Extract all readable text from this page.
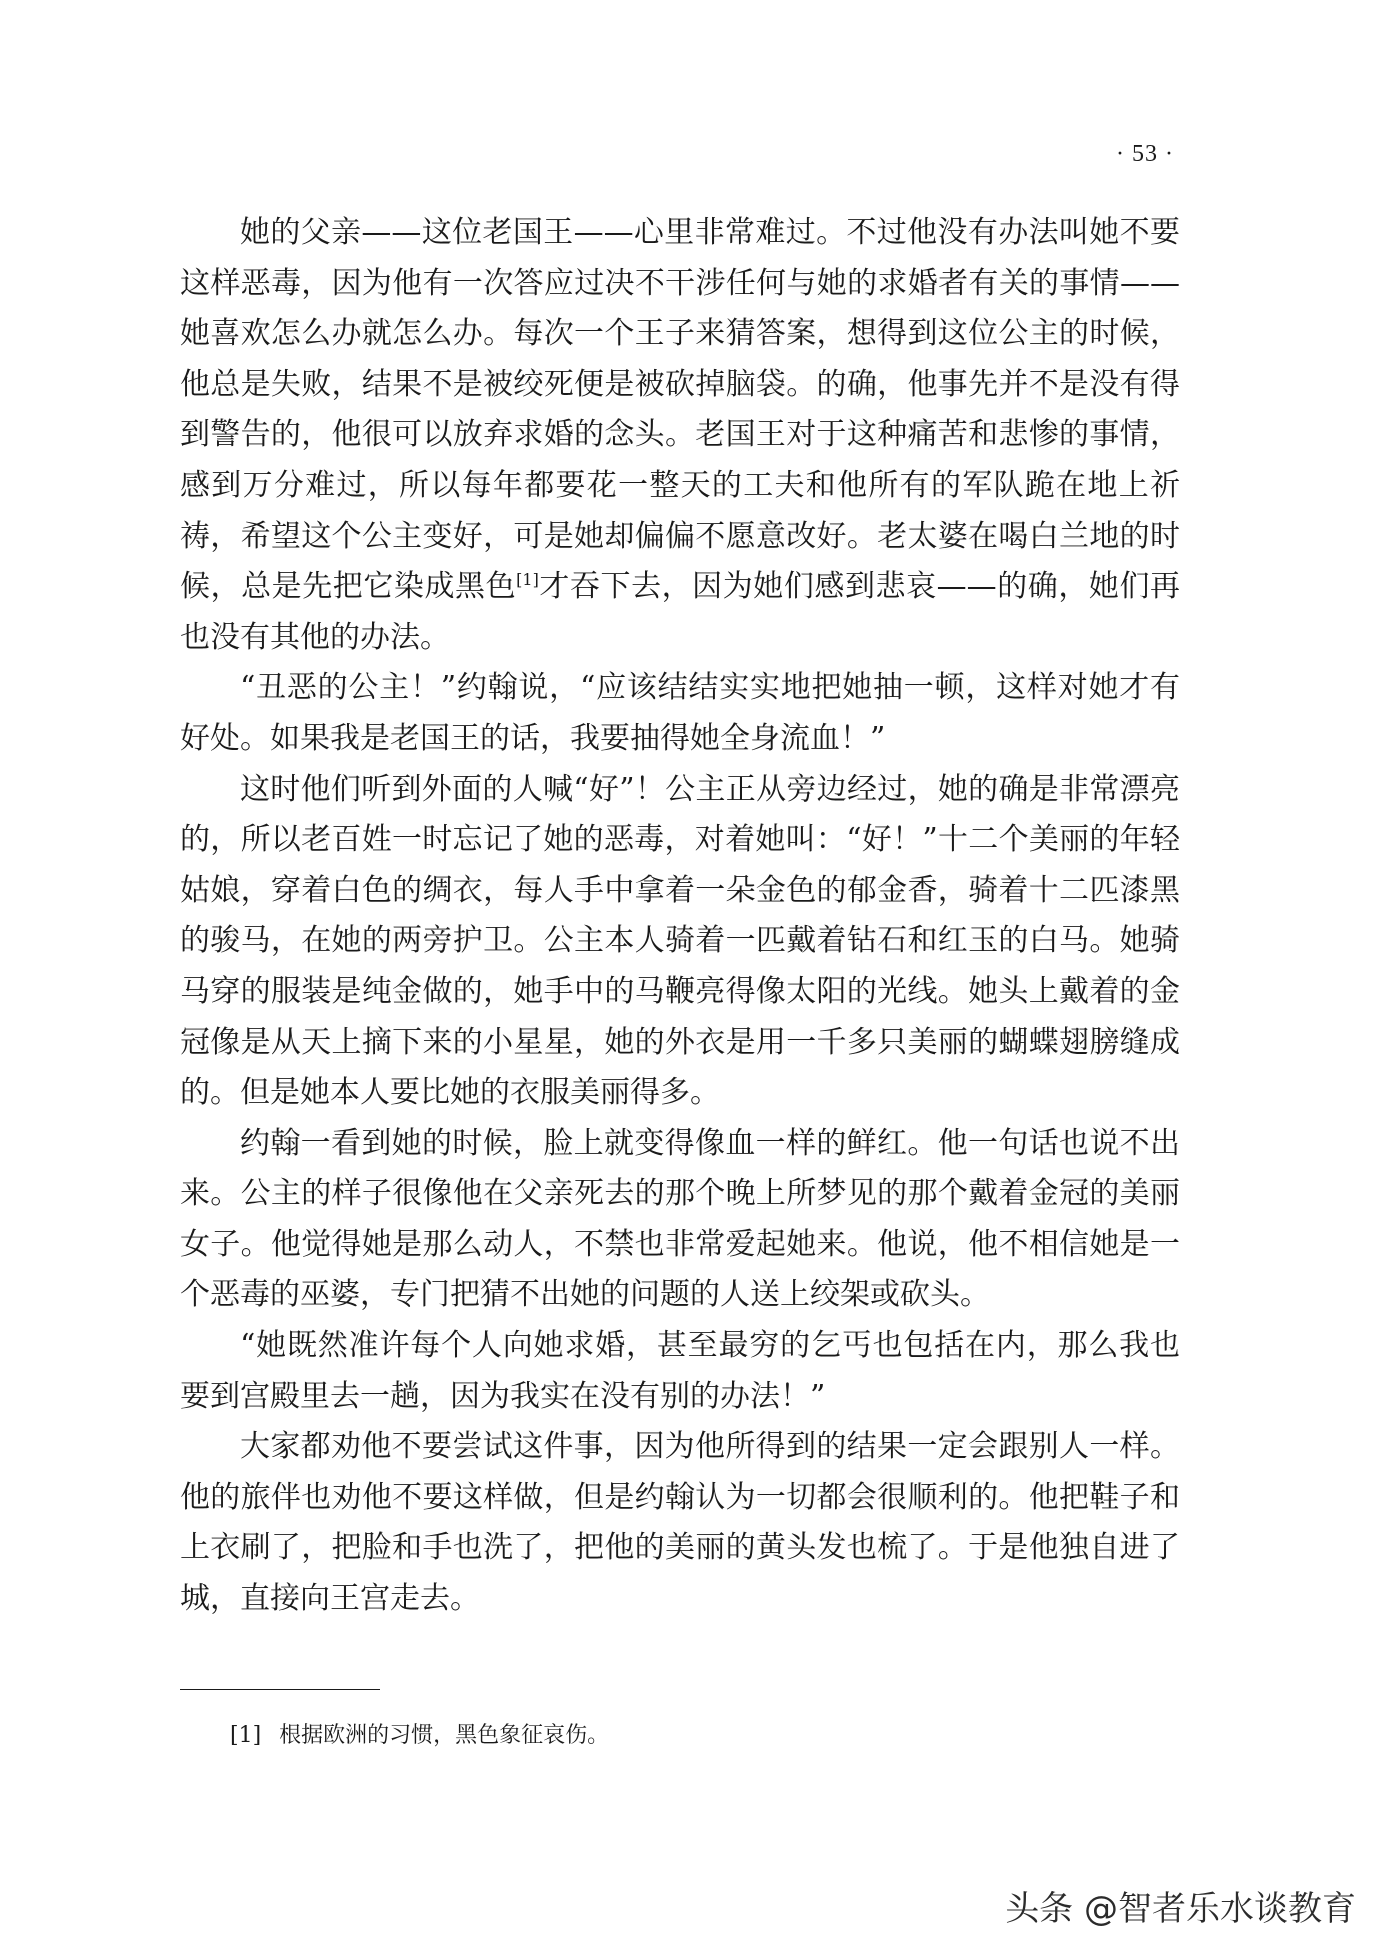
· 53 ·

她的父亲——这位老国王——心里非常难过。不过他没有办法叫她不要这样恶毒，因为他有一次答应过决不干涉任何与她的求婚者有关的事情——她喜欢怎么办就怎么办。每次一个王子来猜答案，想得到这位公主的时候，他总是失败，结果不是被绞死便是被砍掉脑袋。的确，他事先并不是没有得到警告的，他很可以放弃求婚的念头。老国王对于这种痛苦和悲惨的事情，感到万分难过，所以每年都要花一整天的工夫和他所有的军队跪在地上祈祷，希望这个公主变好，可是她却偏偏不愿意改好。老太婆在喝白兰地的时候，总是先把它染成黑色[1]才吞下去，因为她们感到悲哀——的确，她们再也没有其他的办法。

“丑恶的公主！”约翰说，“应该结结实实地把她抽一顿，这样对她才有好处。如果我是老国王的话，我要抽得她全身流血！”

这时他们听到外面的人喊“好”！公主正从旁边经过，她的确是非常漂亮的，所以老百姓一时忘记了她的恶毒，对着她叫：“好！”十二个美丽的年轻姑娘，穿着白色的绸衣，每人手中拿着一朵金色的郁金香，骑着十二匹漆黑的骏马，在她的两旁护卫。公主本人骑着一匹戴着钻石和红玉的白马。她骑马穿的服装是纯金做的，她手中的马鞭亮得像太阳的光线。她头上戴着的金冠像是从天上摘下来的小星星，她的外衣是用一千多只美丽的蝴蝶翅膀缝成的。但是她本人要比她的衣服美丽得多。

约翰一看到她的时候，脸上就变得像血一样的鲜红。他一句话也说不出来。公主的样子很像他在父亲死去的那个晚上所梦见的那个戴着金冠的美丽女子。他觉得她是那么动人，不禁也非常爱起她来。他说，他不相信她是一个恶毒的巫婆，专门把猜不出她的问题的人送上绞架或砍头。

“她既然准许每个人向她求婚，甚至最穷的乞丐也包括在内，那么我也要到宫殿里去一趟，因为我实在没有别的办法！”

大家都劝他不要尝试这件事，因为他所得到的结果一定会跟别人一样。他的旅伴也劝他不要这样做，但是约翰认为一切都会很顺利的。他把鞋子和上衣刷了，把脸和手也洗了，把他的美丽的黄头发也梳了。于是他独自进了城，直接向王宫走去。

[1] 根据欧洲的习惯，黑色象征哀伤。
头条 @智者乐水谈教育
